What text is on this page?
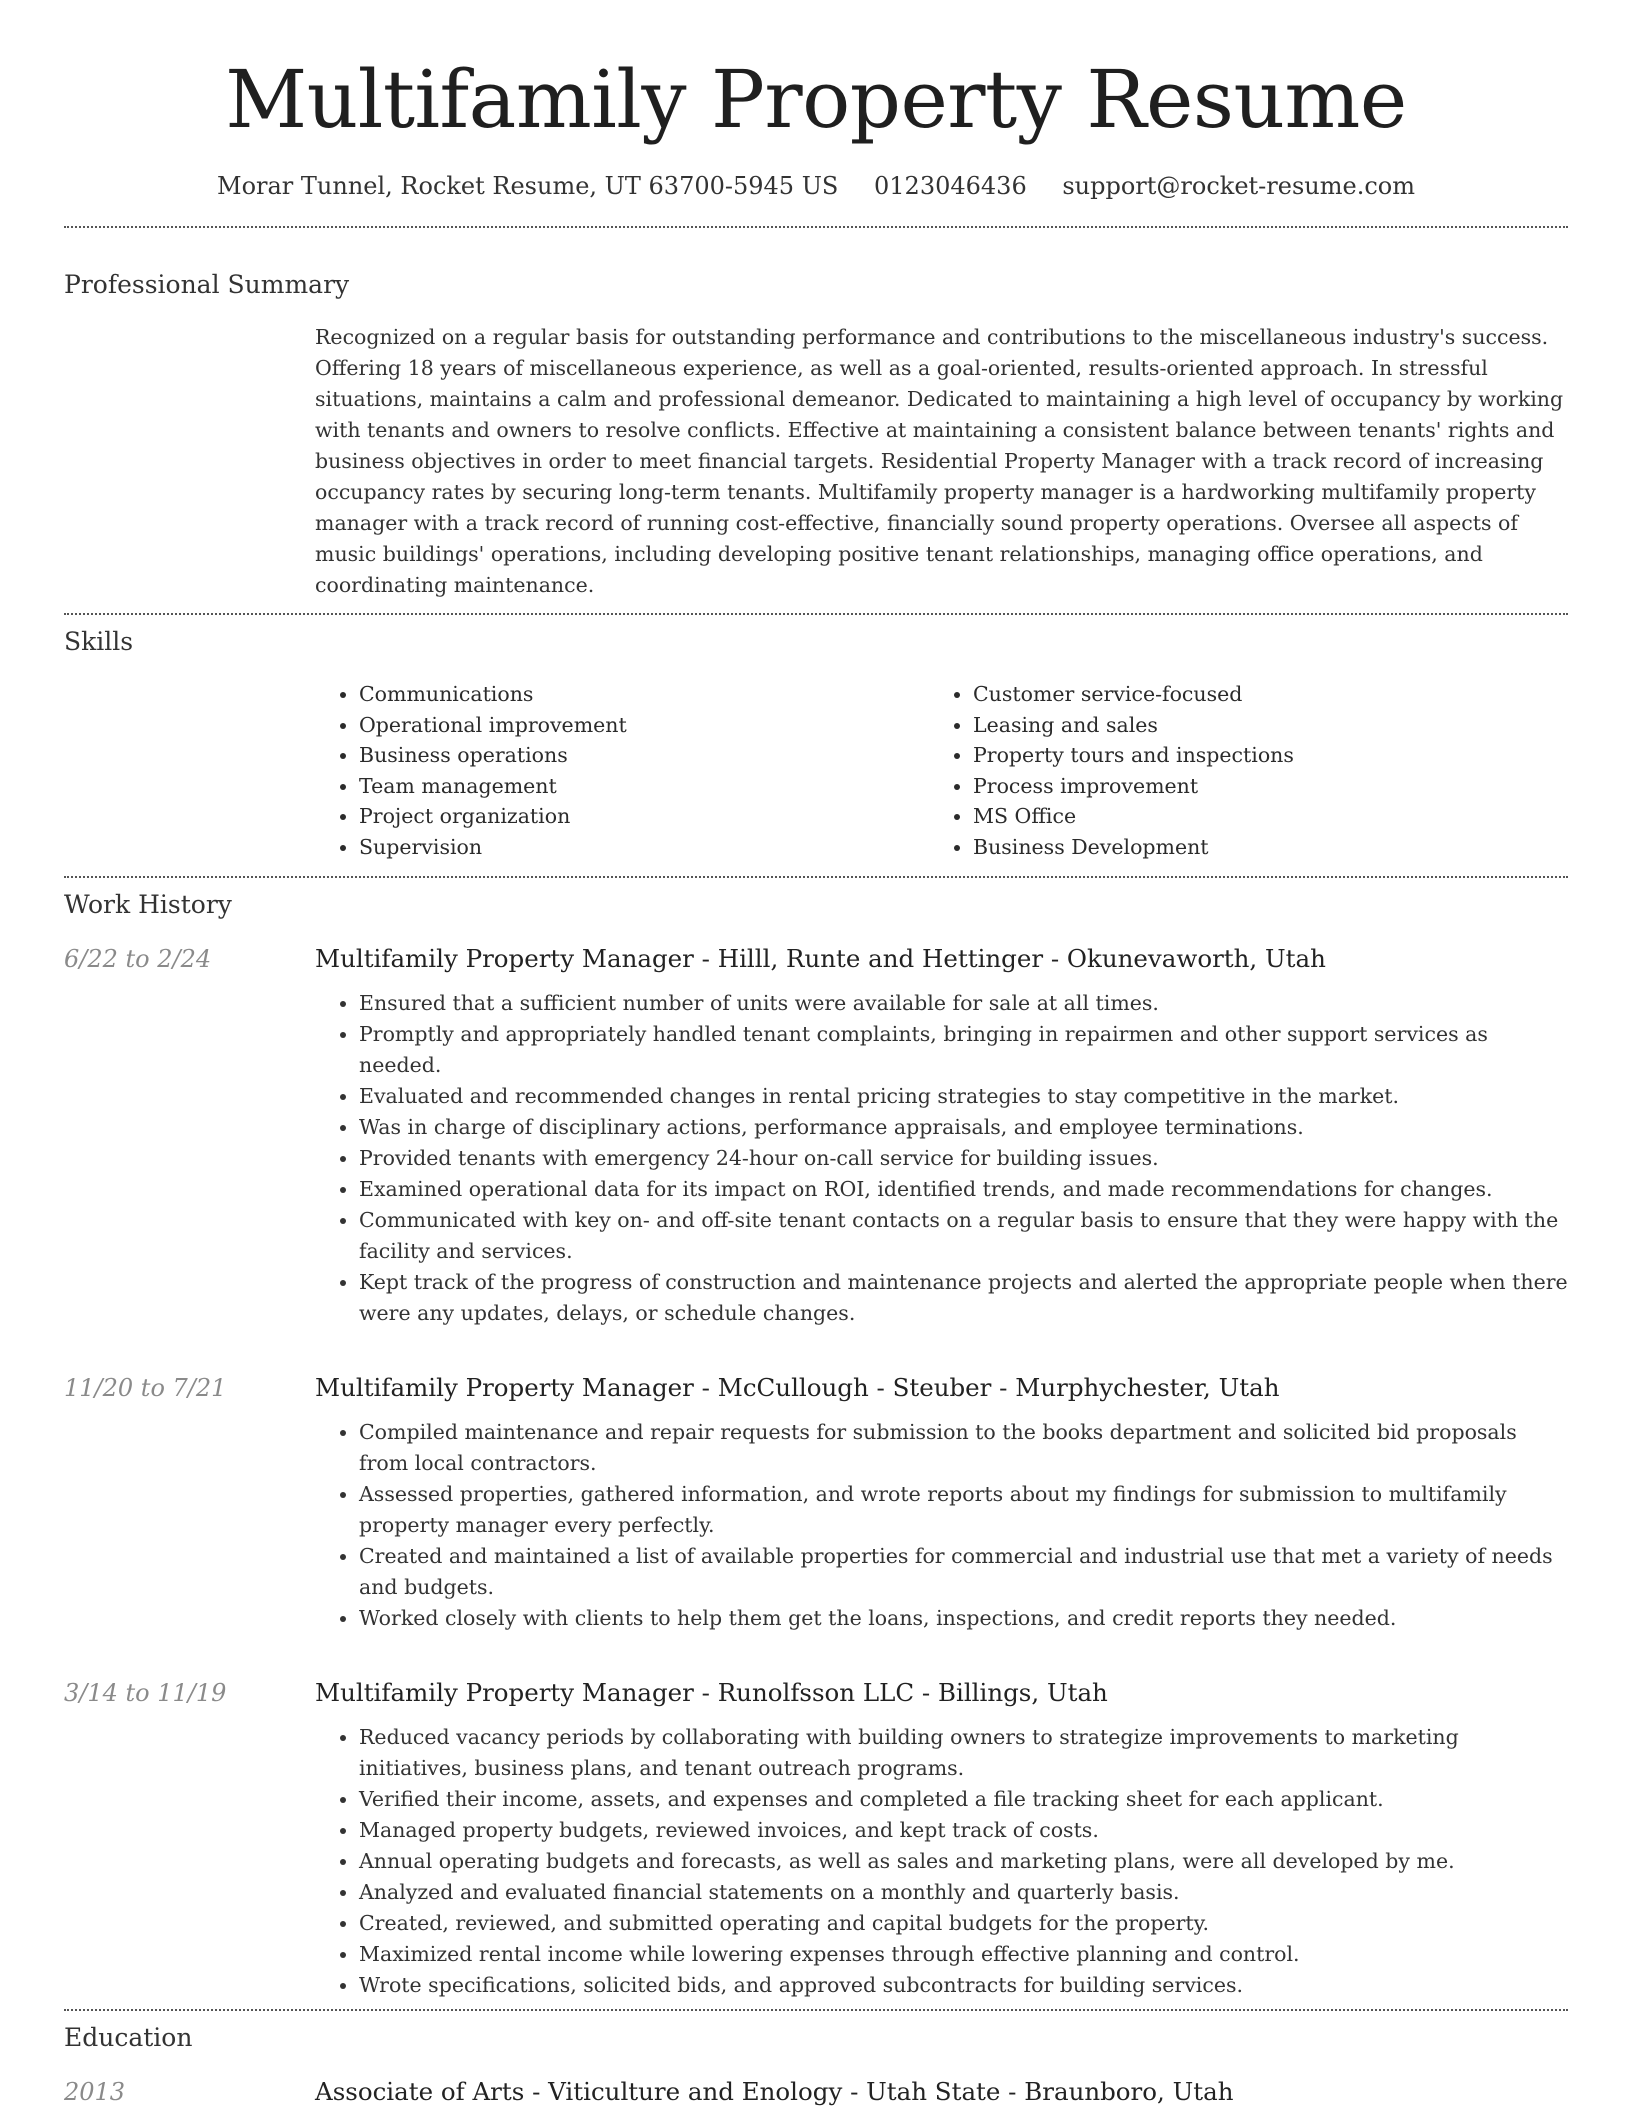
Multifamily Property Resume
Morar Tunnel, Rocket Resume, UT 63700-5945 US 0123046436 support@rocket-resume.com
Professional Summary

Recognized on a regular basis for outstanding performance and contributions to the miscellaneous industry's success. Offering 18 years of miscellaneous experience, as well as a goal-oriented, results-oriented approach. In stressful situations, maintains a calm and professional demeanor. Dedicated to maintaining a high level of occupancy by working with tenants and owners to resolve conflicts. Effective at maintaining a consistent balance between tenants' rights and business objectives in order to meet financial targets. Residential Property Manager with a track record of increasing occupancy rates by securing long-term tenants. Multifamily property manager is a hardworking multifamily property manager with a track record of running cost-effective, financially sound property operations. Oversee all aspects of music buildings' operations, including developing positive tenant relationships, managing office operations, and coordinating maintenance.

Skills
• Communications
• Operational improvement
• Business operations
• Team management
• Project organization
• Supervision
• Customer service-focused
• Leasing and sales
• Property tours and inspections
• Process improvement
• MS Office
• Business Development
Work History
6/22 to 2/24	Multifamily Property Manager - Hilll, Runte and Hettinger - Okunevaworth, Utah
• Ensured that a sufficient number of units were available for sale at all times.
• Promptly and appropriately handled tenant complaints, bringing in repairmen and other support services as needed.
• Evaluated and recommended changes in rental pricing strategies to stay competitive in the market.
• Was in charge of disciplinary actions, performance appraisals, and employee terminations.
• Provided tenants with emergency 24-hour on-call service for building issues.
• Examined operational data for its impact on ROI, identified trends, and made recommendations for changes.
• Communicated with key on- and off-site tenant contacts on a regular basis to ensure that they were happy with the facility and services.
• Kept track of the progress of construction and maintenance projects and alerted the appropriate people when there were any updates, delays, or schedule changes.
11/20 to 7/21	Multifamily Property Manager - McCullough - Steuber - Murphychester, Utah
• Compiled maintenance and repair requests for submission to the books department and solicited bid proposals from local contractors.
• Assessed properties, gathered information, and wrote reports about my findings for submission to multifamily property manager every perfectly.
• Created and maintained a list of available properties for commercial and industrial use that met a variety of needs and budgets.
• Worked closely with clients to help them get the loans, inspections, and credit reports they needed.
3/14 to 11/19	Multifamily Property Manager - Runolfsson LLC - Billings, Utah
• Reduced vacancy periods by collaborating with building owners to strategize improvements to marketing initiatives, business plans, and tenant outreach programs.
• Verified their income, assets, and expenses and completed a file tracking sheet for each applicant.
• Managed property budgets, reviewed invoices, and kept track of costs.
• Annual operating budgets and forecasts, as well as sales and marketing plans, were all developed by me.
• Analyzed and evaluated financial statements on a monthly and quarterly basis.
• Created, reviewed, and submitted operating and capital budgets for the property.
• Maximized rental income while lowering expenses through effective planning and control.
• Wrote specifications, solicited bids, and approved subcontracts for building services.
Education
2013	Associate of Arts - Viticulture and Enology - Utah State - Braunboro, Utah
